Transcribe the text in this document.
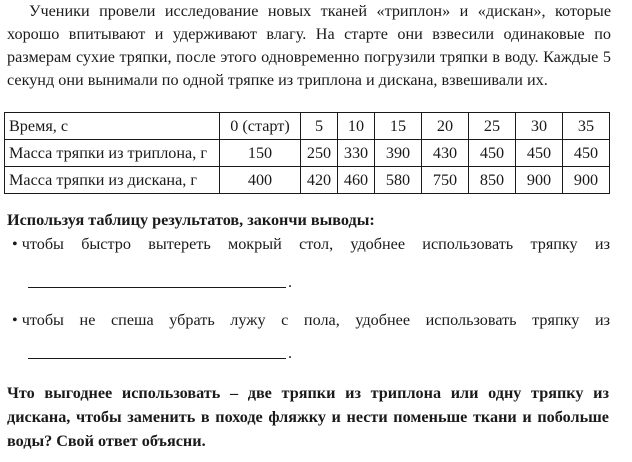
Ученики провели исследование новых тканей «триплон» и «дискан», которые хорошо впитывают и удерживают влагу. На старте они взвесили одинаковые по размерам сухие тряпки, после этого одновременно погрузили тряпки в воду. Каждые 5 секунд они вынимали по одной тряпке из триплона и дискана, взвешивали их.

Время, с	0 (старт)	5	10	15	20	25	30	35
Масса тряпки из триплона, г	150	250	330	390	430	450	450	450
Масса тряпки из дискана, г	400	420	460	580	750	850	900	900

Используя таблицу результатов, закончи выводы:

• чтобы быстро вытереть мокрый стол, удобнее использовать тряпку из
.
• чтобы не спеша убрать лужу с пола, удобнее использовать тряпку из
.

Что выгоднее использовать – две тряпки из триплона или одну тряпку из дискана, чтобы заменить в походе фляжку и нести поменьше ткани и побольше воды? Свой ответ объясни.
